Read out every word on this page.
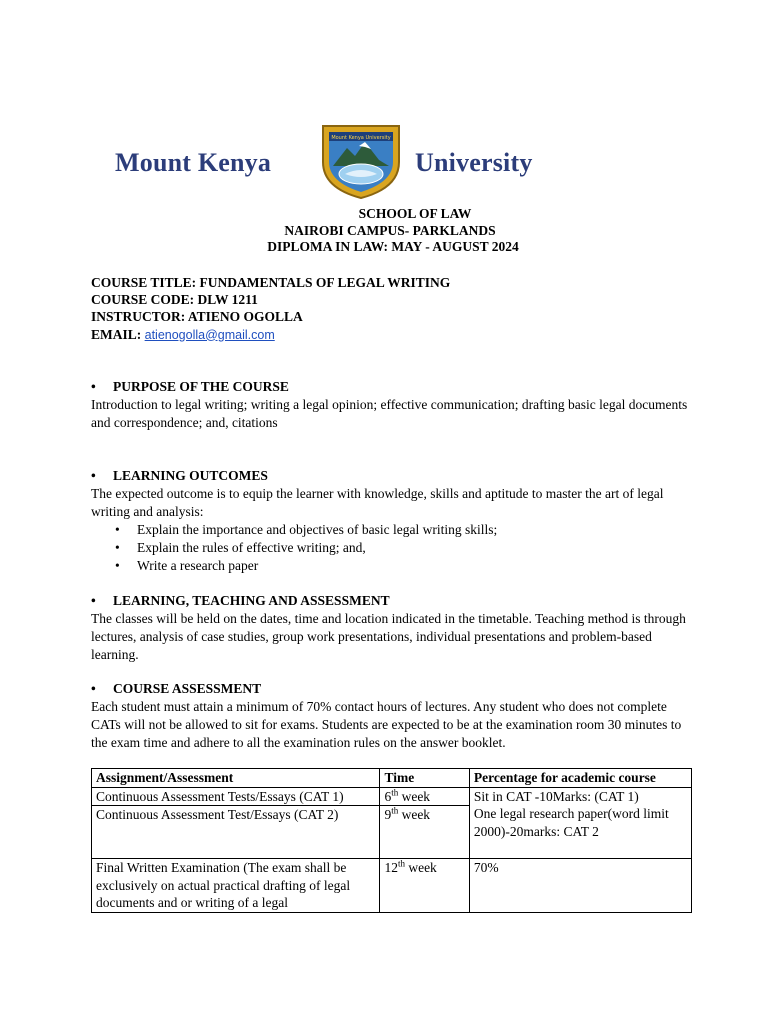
Mount Kenya
Mount Kenya University
University
SCHOOL OF LAW
NAIROBI CAMPUS- PARKLANDS
DIPLOMA IN LAW: MAY - AUGUST 2024
COURSE TITLE: FUNDAMENTALS OF LEGAL WRITING
COURSE CODE: DLW 1211
INSTRUCTOR: ATIENO OGOLLA
EMAIL: atienogolla@gmail.com
• PURPOSE OF THE COURSE
Introduction to legal writing; writing a legal opinion; effective communication; drafting basic legal documents and correspondence; and, citations
• LEARNING OUTCOMES
The expected outcome is to equip the learner with knowledge, skills and aptitude to master the art of legal writing and analysis:
• Explain the importance and objectives of basic legal writing skills;
• Explain the rules of effective writing; and,
• Write a research paper
• LEARNING, TEACHING AND ASSESSMENT
The classes will be held on the dates, time and location indicated in the timetable. Teaching method is through lectures, analysis of case studies, group work presentations, individual presentations and problem-based learning.
• COURSE ASSESSMENT
Each student must attain a minimum of 70% contact hours of lectures. Any student who does not complete CATs will not be allowed to sit for exams. Students are expected to be at the examination room 30 minutes to the exam time and adhere to all the examination rules on the answer booklet.
Assignment/Assessment	Time	Percentage for academic course
Continuous Assessment Tests/Essays (CAT 1)	6th week	Sit in CAT -10Marks: (CAT 1)
One legal research paper(word limit 2000)-20marks: CAT 2

Continuous Assessment Test/Essays (CAT 2)	9th week	
Final Written Examination (The exam shall be exclusively on actual practical drafting of legal documents and or writing of a legal	12th week	70%
